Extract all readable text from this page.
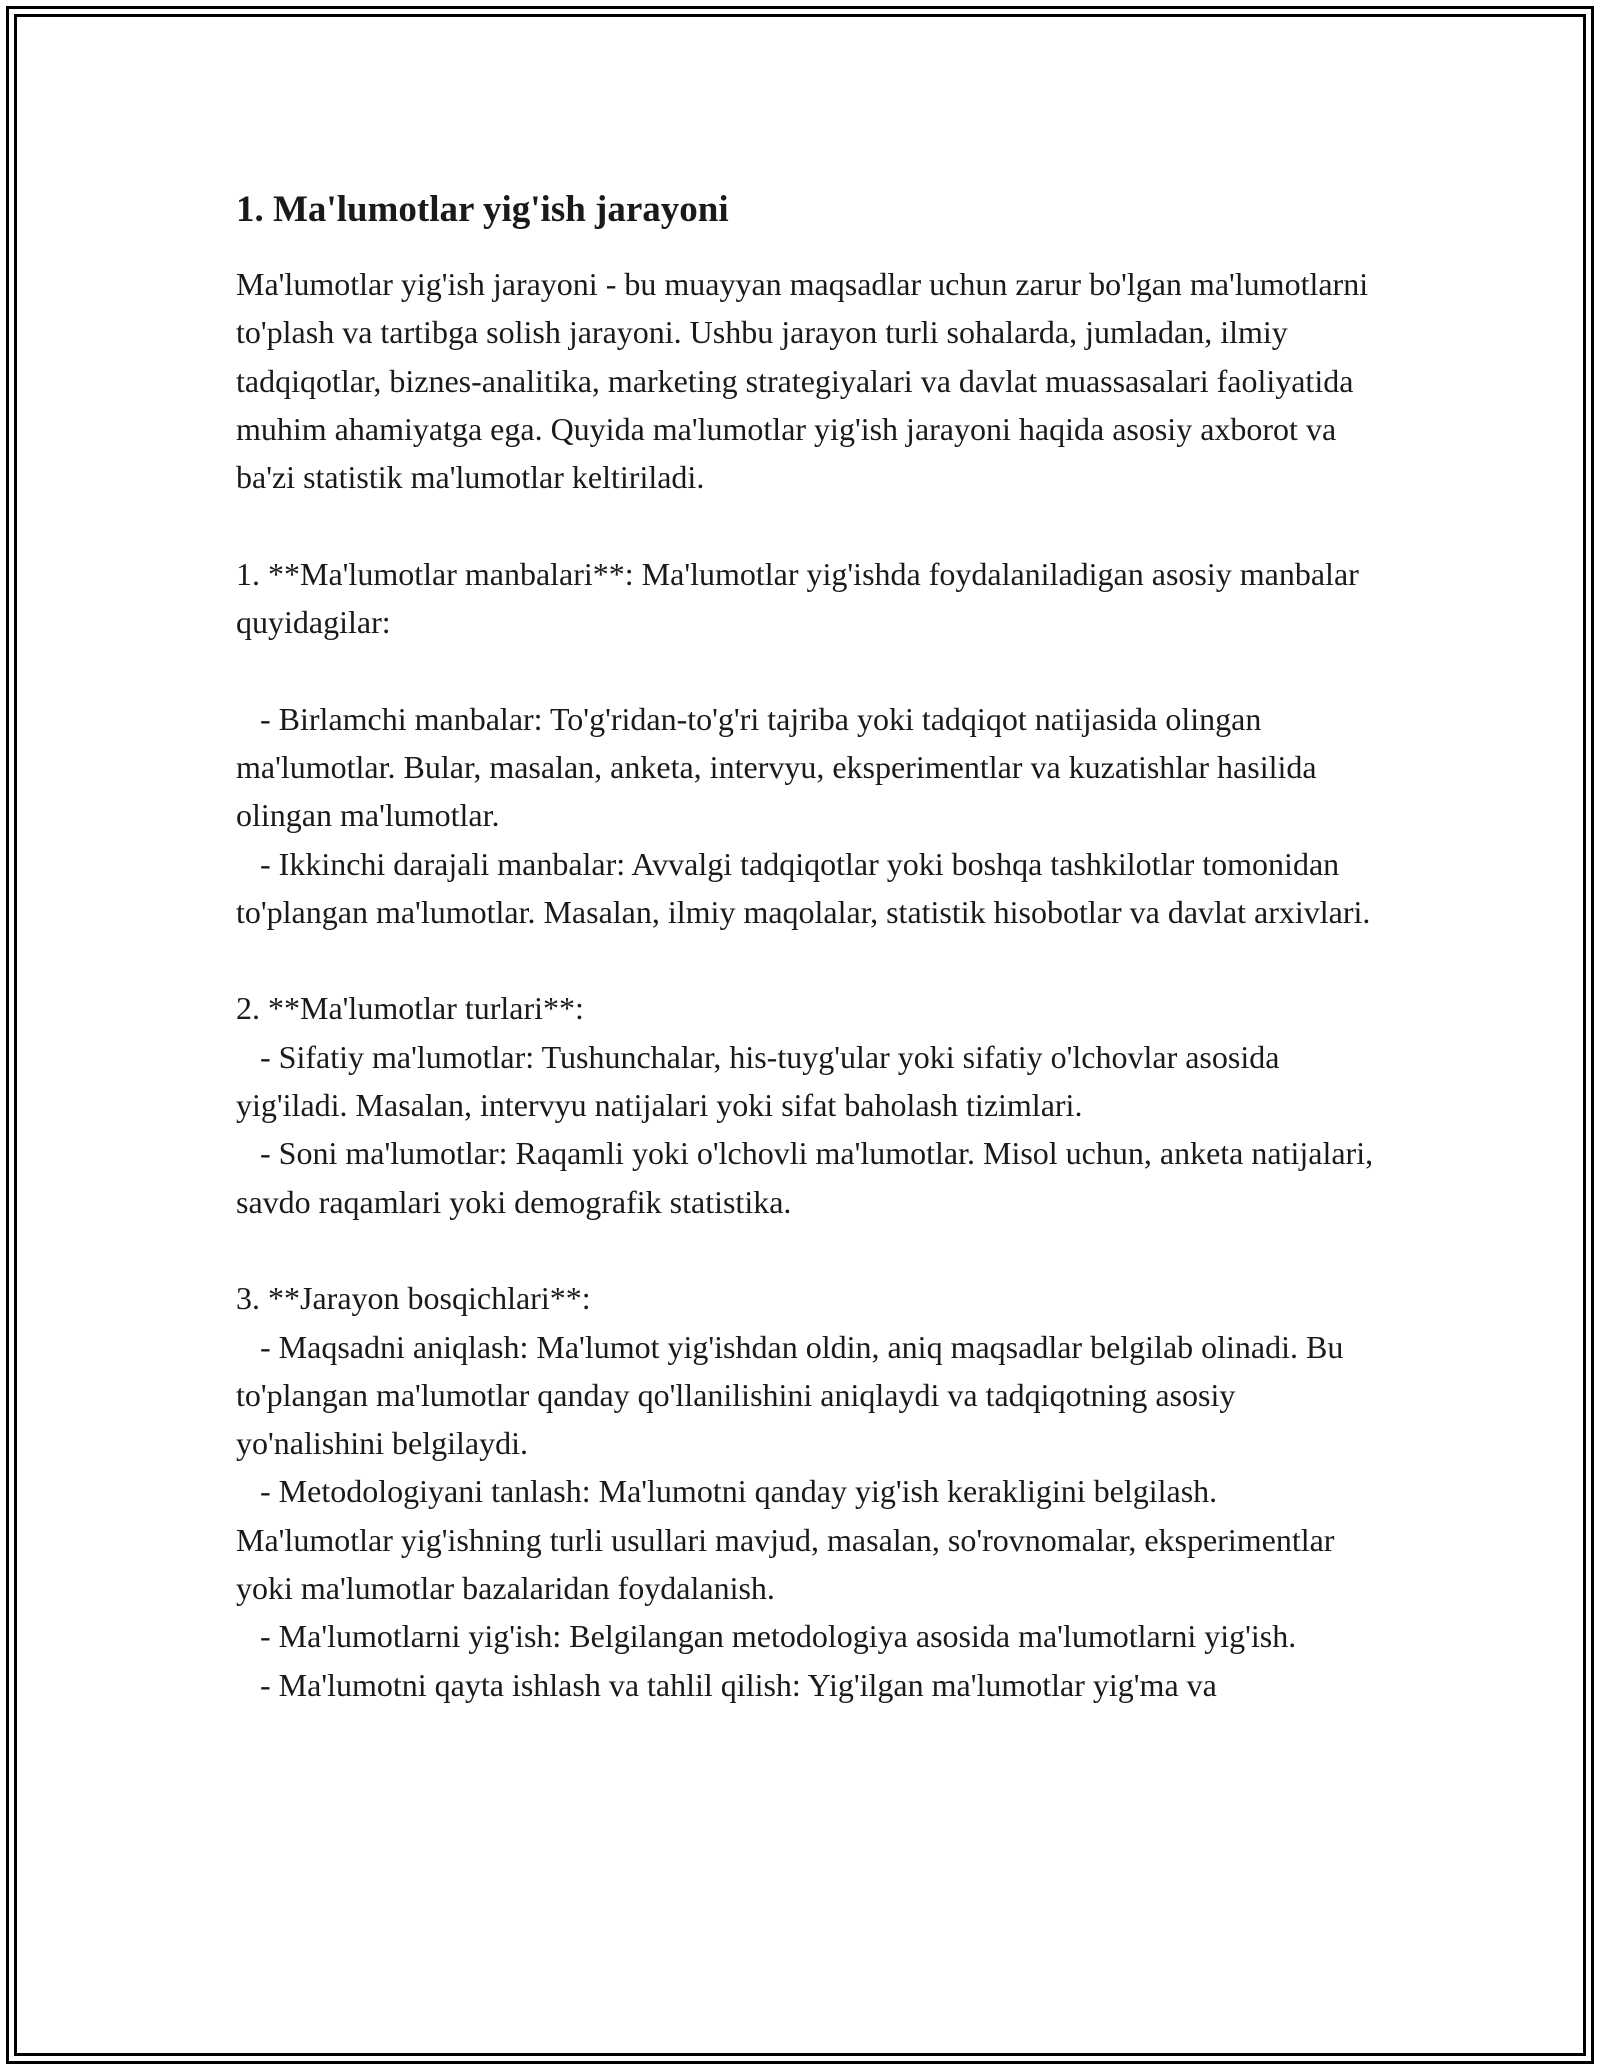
1. Ma'lumotlar yig'ish jarayoni

Ma'lumotlar yig'ish jarayoni - bu muayyan maqsadlar uchun zarur bo'lgan ma'lumotlarni to'plash va tartibga solish jarayoni. Ushbu jarayon turli sohalarda, jumladan, ilmiy tadqiqotlar, biznes-analitika, marketing strategiyalari va davlat muassasalari faoliyatida muhim ahamiyatga ega. Quyida ma'lumotlar yig'ish jarayoni haqida asosiy axborot va ba'zi statistik ma'lumotlar keltiriladi.

1. **Ma'lumotlar manbalari**: Ma'lumotlar yig'ishda foydalaniladigan asosiy manbalar quyidagilar:

- Birlamchi manbalar: To'g'ridan-to'g'ri tajriba yoki tadqiqot natijasida olingan ma'lumotlar. Bular, masalan, anketa, intervyu, eksperimentlar va kuzatishlar hasilida olingan ma'lumotlar.

- Ikkinchi darajali manbalar: Avvalgi tadqiqotlar yoki boshqa tashkilotlar tomonidan to'plangan ma'lumotlar. Masalan, ilmiy maqolalar, statistik hisobotlar va davlat arxivlari.

2. **Ma'lumotlar turlari**:

- Sifatiy ma'lumotlar: Tushunchalar, his-tuyg'ular yoki sifatiy o'lchovlar asosida yig'iladi. Masalan, intervyu natijalari yoki sifat baholash tizimlari.

- Soni ma'lumotlar: Raqamli yoki o'lchovli ma'lumotlar. Misol uchun, anketa natijalari, savdo raqamlari yoki demografik statistika.

3. **Jarayon bosqichlari**:

- Maqsadni aniqlash: Ma'lumot yig'ishdan oldin, aniq maqsadlar belgilab olinadi. Bu to'plangan ma'lumotlar qanday qo'llanilishini aniqlaydi va tadqiqotning asosiy yo'nalishini belgilaydi.

- Metodologiyani tanlash: Ma'lumotni qanday yig'ish kerakligini belgilash. Ma'lumotlar yig'ishning turli usullari mavjud, masalan, so'rovnomalar, eksperimentlar yoki ma'lumotlar bazalaridan foydalanish.

- Ma'lumotlarni yig'ish: Belgilangan metodologiya asosida ma'lumotlarni yig'ish.

- Ma'lumotni qayta ishlash va tahlil qilish: Yig'ilgan ma'lumotlar yig'ma va
